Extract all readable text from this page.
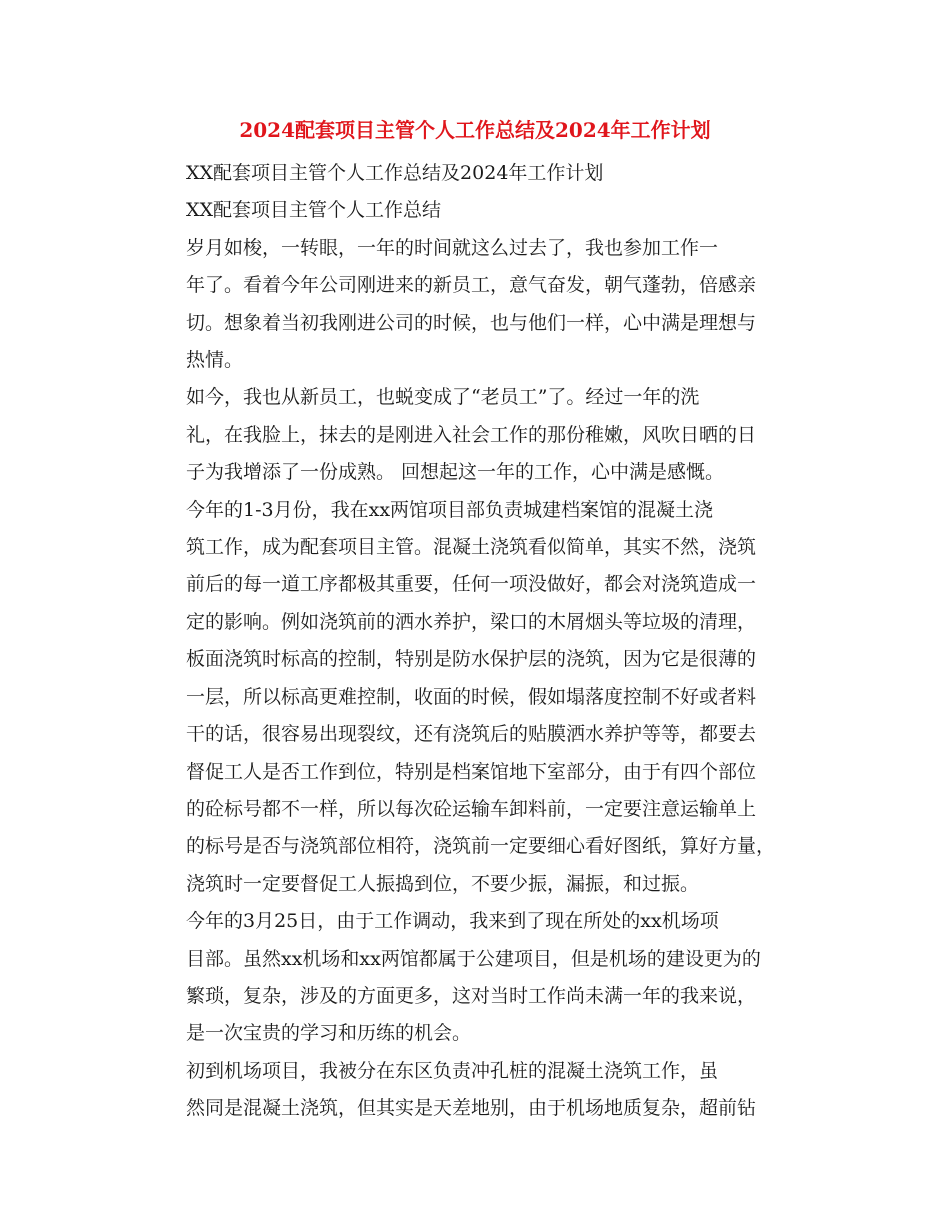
2024配套项目主管个人工作总结及2024年工作计划
XX配套项目主管个人工作总结及2024年工作计划
XX配套项目主管个人工作总结
岁月如梭，一转眼，一年的时间就这么过去了，我也参加工作一
年了。看着今年公司刚进来的新员工，意气奋发，朝气蓬勃，倍感亲
切。想象着当初我刚进公司的时候，也与他们一样，心中满是理想与
热情。
如今，我也从新员工，也蜕变成了“老员工”了。经过一年的洗
礼，在我脸上，抹去的是刚进入社会工作的那份稚嫩，风吹日晒的日
子为我增添了一份成熟。 回想起这一年的工作，心中满是感慨。
今年的1-3月份，我在xx两馆项目部负责城建档案馆的混凝土浇
筑工作，成为配套项目主管。混凝土浇筑看似简单，其实不然，浇筑
前后的每一道工序都极其重要，任何一项没做好，都会对浇筑造成一
定的影响。例如浇筑前的洒水养护，梁口的木屑烟头等垃圾的清理，
板面浇筑时标高的控制，特别是防水保护层的浇筑，因为它是很薄的
一层，所以标高更难控制，收面的时候，假如塌落度控制不好或者料
干的话，很容易出现裂纹，还有浇筑后的贴膜洒水养护等等，都要去
督促工人是否工作到位，特别是档案馆地下室部分，由于有四个部位
的砼标号都不一样，所以每次砼运输车卸料前，一定要注意运输单上
的标号是否与浇筑部位相符，浇筑前一定要细心看好图纸，算好方量，
浇筑时一定要督促工人振捣到位，不要少振，漏振，和过振。
今年的3月25日，由于工作调动，我来到了现在所处的xx机场项
目部。虽然xx机场和xx两馆都属于公建项目，但是机场的建设更为的
繁琐，复杂，涉及的方面更多，这对当时工作尚未满一年的我来说，
是一次宝贵的学习和历练的机会。
初到机场项目，我被分在东区负责冲孔桩的混凝土浇筑工作，虽
然同是混凝土浇筑，但其实是天差地别，由于机场地质复杂，超前钻
